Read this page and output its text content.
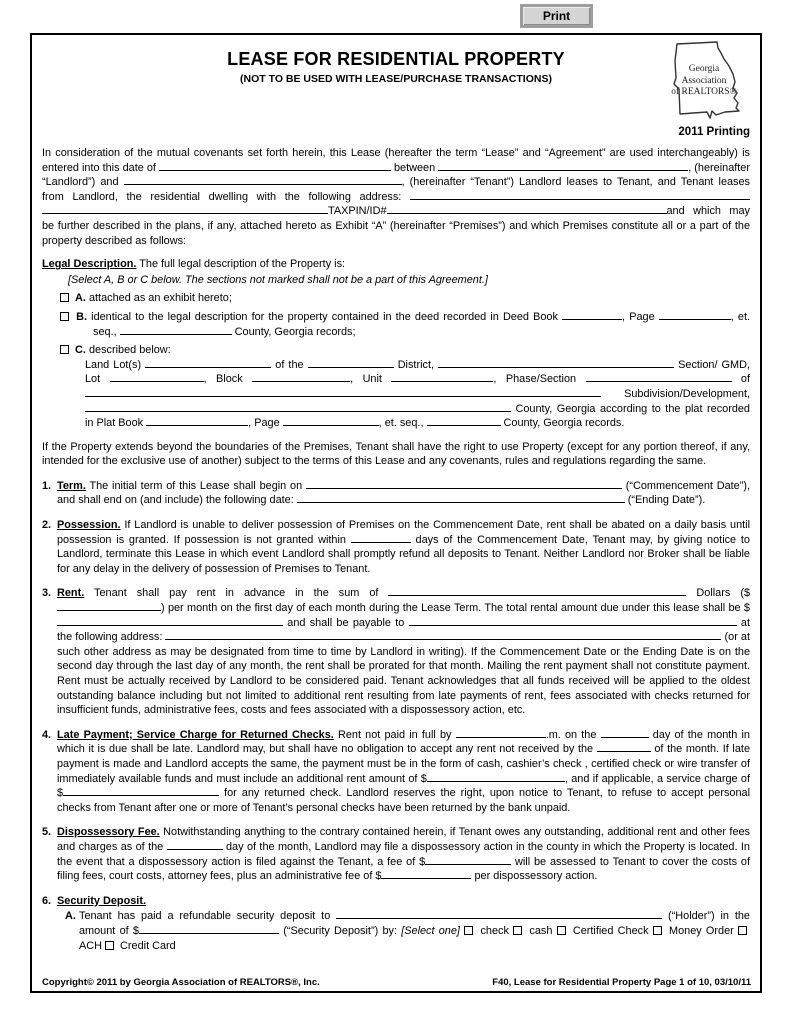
Print
LEASE FOR RESIDENTIAL PROPERTY
(NOT TO BE USED WITH LEASE/PURCHASE TRANSACTIONS)
Georgia
Association
of REALTORS®
2011 Printing
In consideration of the mutual covenants set forth herein, this Lease (hereafter the term “Lease” and “Agreement” are used interchangeably) is entered into this date of	between	, (hereinafter “Landlord”) and	, (hereinafter “Tenant”) Landlord leases to Tenant, and Tenant leases from Landlord, the residential dwelling with the following address: TAXPIN/ID#	and which may be further described in the plans, if any, attached hereto as Exhibit “A” (hereinafter “Premises”) and which Premises constitute all or a part of the property described as follows:
Legal Description. The full legal description of the Property is:
[Select A, B or C below. The sections not marked shall not be a part of this Agreement.]
A. attached as an exhibit hereto;
B. identical to the legal description for the property contained in the deed recorded in Deed Book	, Page	, et. seq.,	County, Georgia records;
C. described below:
Land Lot(s)	of the	District,	Section/ GMD, Lot	, Block	, Unit	, Phase/Section	of  Subdivision/Development,  County, Georgia according to the plat recorded in Plat Book	, Page	, et. seq.,	County, Georgia records.
If the Property extends beyond the boundaries of the Premises, Tenant shall have the right to use Property (except for any portion thereof, if any, intended for the exclusive use of another) subject to the terms of this Lease and any covenants, rules and regulations regarding the same.
1. Term. The initial term of this Lease shall begin on	(“Commencement Date”), and shall end on (and include) the following date:	(“Ending Date”).
2. Possession. If Landlord is unable to deliver possession of Premises on the Commencement Date, rent shall be abated on a daily basis until possession is granted. If possession is not granted within	days of the Commencement Date, Tenant may, by giving notice to Landlord, terminate this Lease in which event Landlord shall promptly refund all deposits to Tenant. Neither Landlord nor Broker shall be liable for any delay in the delivery of possession of Premises to Tenant.
3. Rent. Tenant shall pay rent in advance in the sum of	Dollars ($) per month on the first day of each month during the Lease Term. The total rental amount due under this lease shall be $ and shall be payable to	at the following address:	(or at such other address as may be designated from time to time by Landlord in writing). If the Commencement Date or the Ending Date is on the second day through the last day of any month, the rent shall be prorated for that month. Mailing the rent payment shall not constitute payment. Rent must be actually received by Landlord to be considered paid. Tenant acknowledges that all funds received will be applied to the oldest outstanding balance including but not limited to additional rent resulting from late payments of rent, fees associated with checks returned for insufficient funds, administrative fees, costs and fees associated with a dispossessory action, etc.
4. Late Payment; Service Charge for Returned Checks. Rent not paid in full by	.m. on the	day of the month in which it is due shall be late. Landlord may, but shall have no obligation to accept any rent not received by the	of the month. If late payment is made and Landlord accepts the same, the payment must be in the form of cash, cashier’s check , certified check or wire transfer of immediately available funds and must include an additional rent amount of $	, and if applicable, a service charge of $	for any returned check. Landlord reserves the right, upon notice to Tenant, to refuse to accept personal checks from Tenant after one or more of Tenant’s personal checks have been returned by the bank unpaid.
5. Dispossessory Fee. Notwithstanding anything to the contrary contained herein, if Tenant owes any outstanding, additional rent and other fees and charges as of the	day of the month, Landlord may file a dispossessory action in the county in which the Property is located. In the event that a dispossessory action is filed against the Tenant, a fee of $	will be assessed to Tenant to cover the costs of filing fees, court costs, attorney fees, plus an administrative fee of $	per dispossessory action.
6. Security Deposit.
A. Tenant has paid a refundable security deposit to	(“Holder”) in the amount of $	(“Security Deposit”) by: [Select one]  check  cash  Certified Check  Money Order  ACH  Credit Card
Copyright© 2011 by Georgia Association of REALTORS®, Inc.	F40, Lease for Residential Property Page 1 of 10, 03/10/11
